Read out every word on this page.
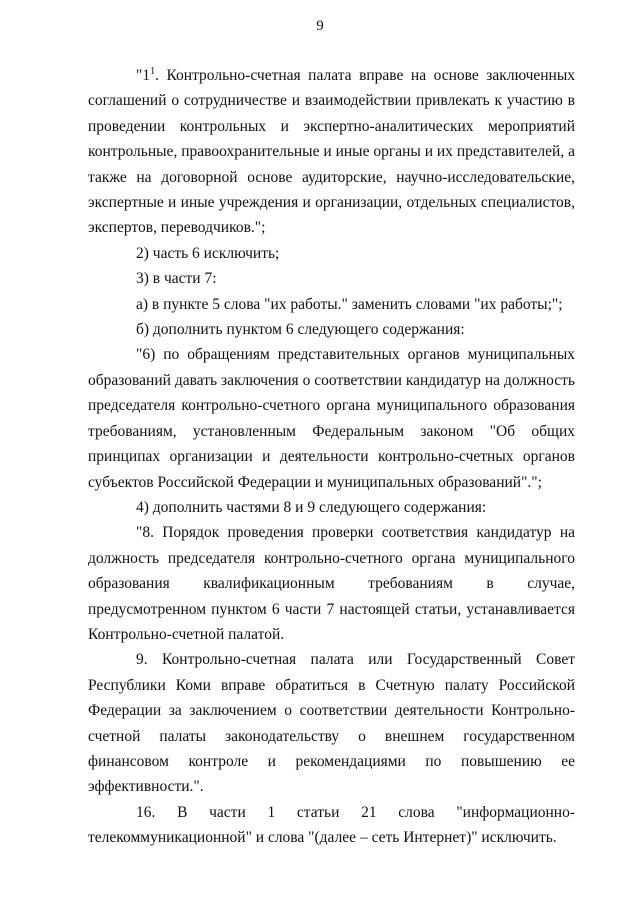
9

"$1^1$. Контрольно-счетная палата вправе на основе заключенных соглашений о сотрудничестве и взаимодействии привлекать к участию в проведении контрольных и экспертно-аналитических мероприятий контрольные, правоохранительные и иные органы и их представителей, а также на договорной основе аудиторские, научно-исследовательские, экспертные и иные учреждения и организации, отдельных специалистов, экспертов, переводчиков.";

2) часть 6 исключить;

3) в части 7:

а) в пункте 5 слова "их работы." заменить словами "их работы;";

б) дополнить пунктом 6 следующего содержания:

"6) по обращениям представительных органов муниципальных образований давать заключения о соответствии кандидатур на должность председателя контрольно-счетного органа муниципального образования требованиям, установленным Федеральным законом "Об общих принципах организации и деятельности контрольно-счетных органов субъектов Российской Федерации и муниципальных образований".";

4) дополнить частями 8 и 9 следующего содержания:

"8. Порядок проведения проверки соответствия кандидатур на должность председателя контрольно-счетного органа муниципального образования квалификационным требованиям в случае, предусмотренном пунктом 6 части 7 настоящей статьи, устанавливается Контрольно-счетной палатой.

9. Контрольно-счетная палата или Государственный Совет Республики Коми вправе обратиться в Счетную палату Российской Федерации за заключением о соответствии деятельности Контрольно-счетной палаты законодательству о внешнем государственном финансовом контроле и рекомендациями по повышению ее эффективности.".

16. В части 1 статьи 21 слова "информационно-телекоммуникационной" и слова "(далее – сеть Интернет)" исключить.
